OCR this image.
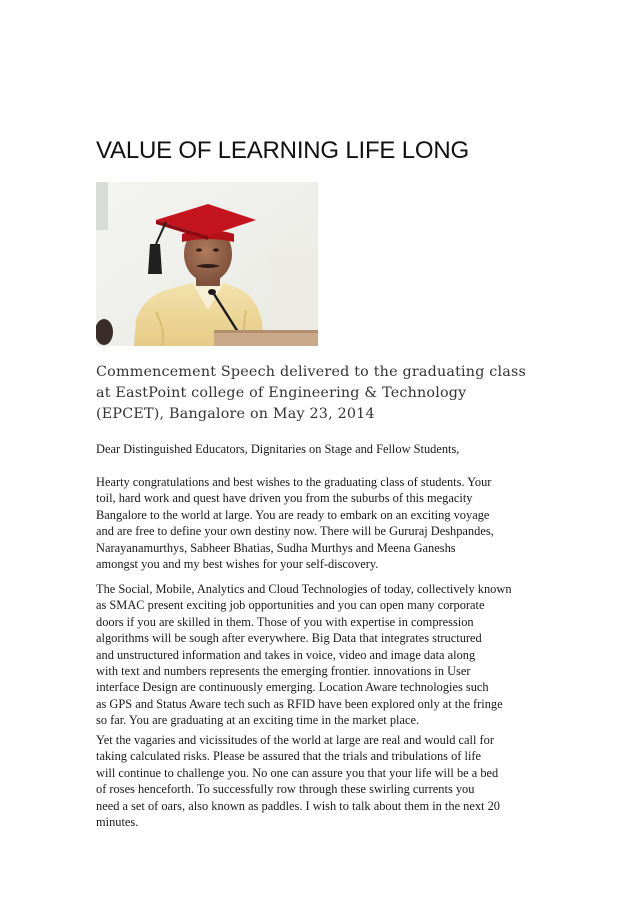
VALUE OF LEARNING LIFE LONG
Commencement Speech delivered to the graduating class
at EastPoint college of Engineering & Technology
(EPCET), Bangalore on May 23, 2014
Dear Distinguished Educators, Dignitaries on Stage and Fellow Students,
Hearty congratulations and best wishes to the graduating class of students. Your
toil, hard work and quest have driven you from the suburbs of this megacity
Bangalore to the world at large. You are ready to embark on an exciting voyage
and are free to define your own destiny now. There will be Gururaj Deshpandes,
Narayanamurthys, Sabheer Bhatias, Sudha Murthys and Meena Ganeshs
amongst you and my best wishes for your self-discovery.
The Social, Mobile, Analytics and Cloud Technologies of today, collectively known
as SMAC present exciting job opportunities and you can open many corporate
doors if you are skilled in them. Those of you with expertise in compression
algorithms will be sough after everywhere. Big Data that integrates structured
and unstructured information and takes in voice, video and image data along
with text and numbers represents the emerging frontier. innovations in User
interface Design are continuously emerging. Location Aware technologies such
as GPS and Status Aware tech such as RFID have been explored only at the fringe
so far. You are graduating at an exciting time in the market place.
Yet the vagaries and vicissitudes of the world at large are real and would call for
taking calculated risks. Please be assured that the trials and tribulations of life
will continue to challenge you. No one can assure you that your life will be a bed
of roses henceforth. To successfully row through these swirling currents you
need a set of oars, also known as paddles. I wish to talk about them in the next 20
minutes.
